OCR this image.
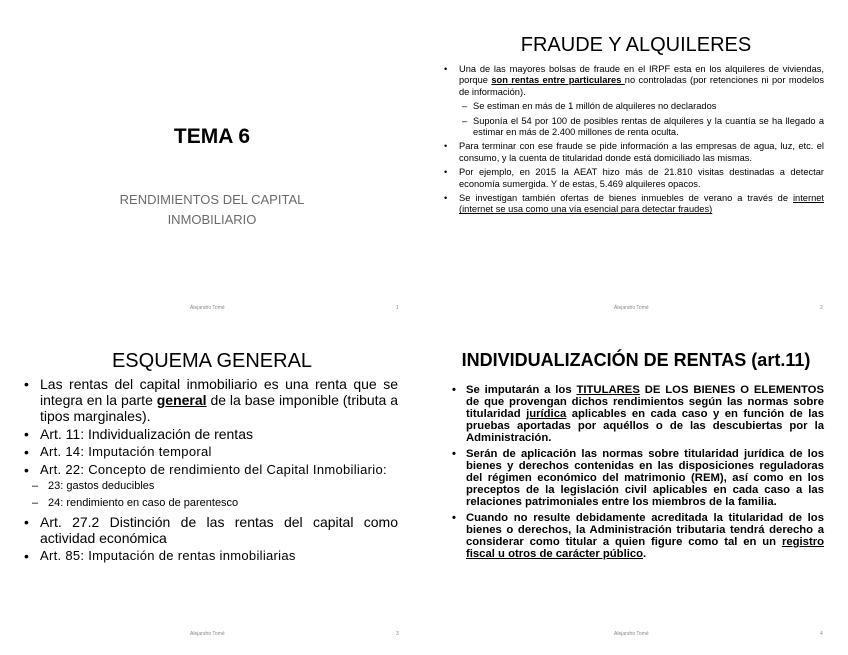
TEMA 6
RENDIMIENTOS DEL CAPITAL
INMOBILIARIO
Alejandro Tomé	1
FRAUDE Y ALQUILERES
• Una de las mayores bolsas de fraude en el IRPF esta en los alquileres de viviendas, porque son rentas entre particulares no controladas (por retenciones ni por modelos de información).
– Se estiman en más de 1 millón de alquileres no declarados
– Suponía el 54 por 100 de posibles rentas de alquileres y la cuantía se ha llegado a estimar en más de 2.400 millones de renta oculta.
• Para terminar con ese fraude se pide información a las empresas de agua, luz, etc. el consumo, y la cuenta de titularidad donde está domiciliado las mismas.
• Por ejemplo, en 2015 la AEAT hizo más de 21.810 visitas destinadas a detectar economía sumergida. Y de estas, 5.469 alquileres opacos.
• Se investigan también ofertas de bienes inmuebles de verano a través de internet (internet se usa como una vía esencial para detectar fraudes)
Alejandro Tomé	2
ESQUEMA GENERAL
• Las rentas del capital inmobiliario es una renta que se integra en la parte general de la base imponible (tributa a tipos marginales).
• Art. 11: Individualización de rentas
• Art. 14: Imputación temporal
• Art. 22: Concepto de rendimiento del Capital Inmobiliario:
– 23: gastos deducibles
– 24: rendimiento en caso de parentesco
• Art. 27.2 Distinción de las rentas del capital como actividad económica
• Art. 85: Imputación de rentas inmobiliarias
Alejandro Tomé	3
INDIVIDUALIZACIÓN DE RENTAS (art.11)
• Se imputarán a los TITULARES DE LOS BIENES O ELEMENTOS de que provengan dichos rendimientos según las normas sobre titularidad jurídica aplicables en cada caso y en función de las pruebas aportadas por aquéllos o de las descubiertas por la Administración.
• Serán de aplicación las normas sobre titularidad jurídica de los bienes y derechos contenidas en las disposiciones reguladoras del régimen económico del matrimonio (REM), así como en los preceptos de la legislación civil aplicables en cada caso a las relaciones patrimoniales entre los miembros de la familia.
• Cuando no resulte debidamente acreditada la titularidad de los bienes o derechos, la Administración tributaria tendrá derecho a considerar como titular a quien figure como tal en un registro fiscal u otros de carácter público.
Alejandro Tomé	4
